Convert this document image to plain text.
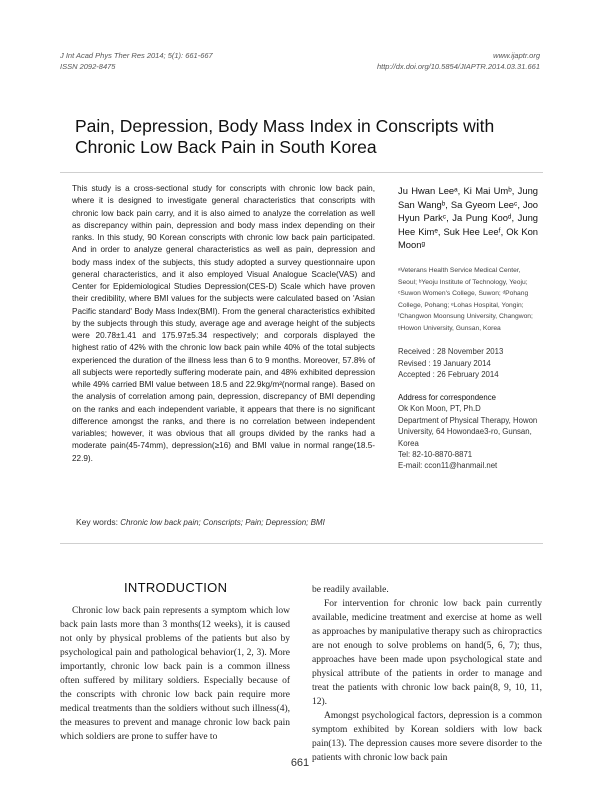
J Int Acad Phys Ther Res 2014; 5(1): 661-667
ISSN 2092-8475
www.ijaptr.org
http://dx.doi.org/10.5854/JIAPTR.2014.03.31.661
Pain, Depression, Body Mass Index in Conscripts with Chronic Low Back Pain in South Korea
This study is a cross-sectional study for conscripts with chronic low back pain, where it is designed to investigate general characteristics that conscripts with chronic low back pain carry, and it is also aimed to analyze the correlation as well as discrepancy within pain, depression and body mass index depending on their ranks. In this study, 90 Korean conscripts with chronic low back pain participated. And in order to analyze general characteristics as well as pain, depression and body mass index of the subjects, this study adopted a survey questionnaire upon general characteristics, and it also employed Visual Analogue Scacle(VAS) and Center for Epidemiological Studies Depression(CES-D) Scale which have proven their credibility, where BMI values for the subjects were calculated based on 'Asian Pacific standard' Body Mass Index(BMI). From the general characteristics exhibited by the subjects through this study, average age and average height of the subjects were 20.78±1.41 and 175.97±5.34 respectively; and corporals displayed the highest ratio of 42% with the chronic low back pain while 40% of the total subjects experienced the duration of the illness less than 6 to 9 months. Moreover, 57.8% of all subjects were reportedly suffering moderate pain, and 48% exhibited depression while 49% carried BMI value between 18.5 and 22.9kg/m²(normal range). Based on the analysis of correlation among pain, depression, discrepancy of BMI depending on the ranks and each independent variable, it appears that there is no significant difference amongst the ranks, and there is no correlation between independent variables; however, it was obvious that all groups divided by the ranks had a moderate pain(45-74mm), depression(≥16) and BMI value in normal range(18.5-22.9).
Ju Hwan Leeᵃ, Ki Mai Umᵇ, Jung San Wangᵇ, Sa Gyeom Leeᶜ, Joo Hyun Parkᶜ, Ja Pung Kooᵈ, Jung Hee Kimᵉ, Suk Hee Leeᶠ, Ok Kon Moonᵍ
ᵃVeterans Health Service Medical Center, Seoul; ᵇYeoju Institute of Technology, Yeoju; ᶜSuwon Women's College, Suwon; ᵈPohang College, Pohang; ᵉLohas Hospital, Yongin; ᶠChangwon Moonsung University, Changwon; ᵍHowon University, Gunsan, Korea
Received : 28 November 2013
Revised : 19 January 2014
Accepted : 26 February 2014
Address for correspondence
Ok Kon Moon, PT, Ph.D
Department of Physical Therapy, Howon University, 64 Howondae3-ro, Gunsan, Korea
Tel: 82-10-8870-8871
E-mail: ccon11@hanmail.net
Key words: Chronic low back pain; Conscripts; Pain; Depression; BMI
INTRODUCTION

Chronic low back pain represents a symptom which low back pain lasts more than 3 months(12 weeks), it is caused not only by physical problems of the patients but also by psychological pain and pathological behavior(1, 2, 3). More importantly, chronic low back pain is a common illness often suffered by military soldiers. Especially because of the conscripts with chronic low back pain require more medical treatments than the soldiers without such illness(4), the measures to prevent and manage chronic low back pain which soldiers are prone to suffer have to

be readily available.

For intervention for chronic low back pain currently available, medicine treatment and exercise at home as well as approaches by manipulative therapy such as chiropractics are not enough to solve problems on hand(5, 6, 7); thus, approaches have been made upon psychological state and physical attribute of the patients in order to manage and treat the patients with chronic low back pain(8, 9, 10, 11, 12).

Amongst psychological factors, depression is a common symptom exhibited by Korean soldiers with low back pain(13). The depression causes more severe disorder to the patients with chronic low back pain

661
